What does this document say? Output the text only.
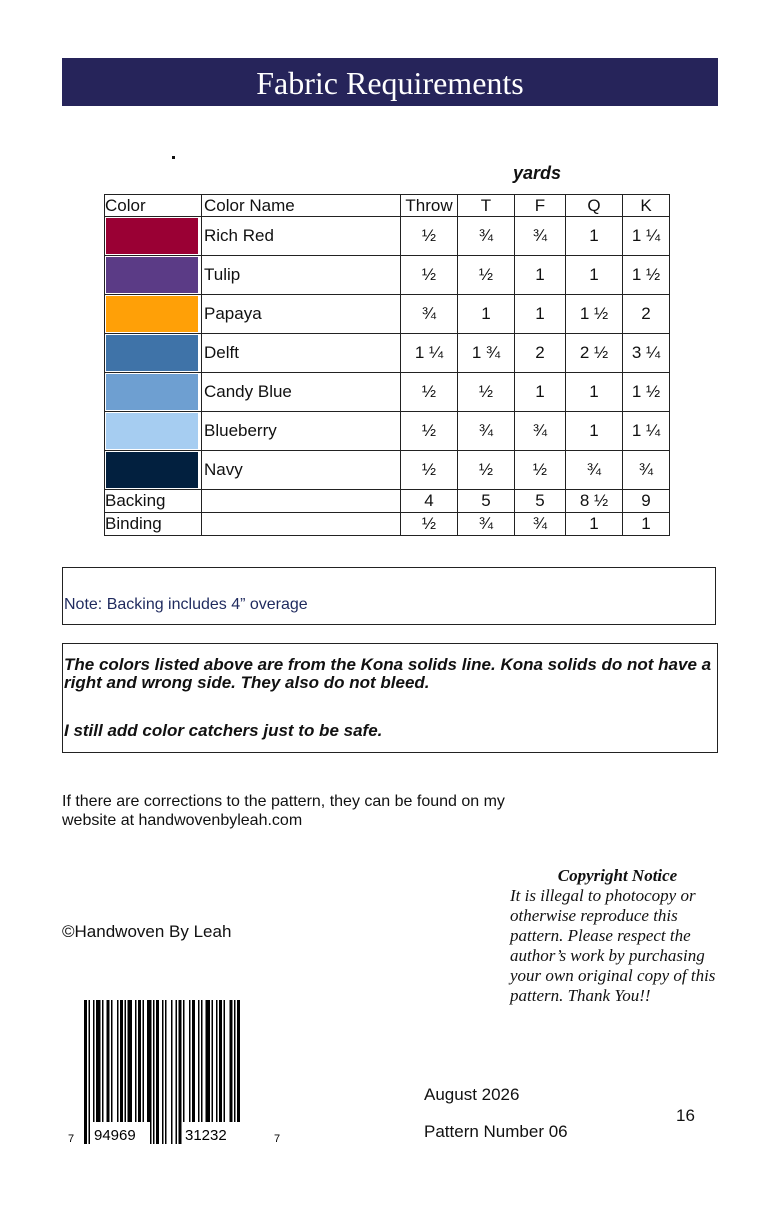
Fabric Requirements
yards
Color	Color Name	Throw	T	F	Q	K

	Rich Red	½	¾	¾	1	1 ¼

	Tulip	½	½	1	1	1 ½

	Papaya	¾	1	1	1 ½	2

	Delft	1 ¼	1 ¾	2	2 ½	3 ¼

	Candy Blue	½	½	1	1	1 ½

	Blueberry	½	¾	¾	1	1 ¼

	Navy	½	½	½	¾	¾
Backing		4	5	5	8 ½	9
Binding		½	¾	¾	1	1
Note: Backing includes 4” overage
The colors listed above are from the Kona solids line. Kona solids do not have a right and wrong side. They also do not bleed.
I still add color catchers just to be safe.
If there are corrections to the pattern, they can be found on my website at handwovenbyleah.com
©Handwoven By Leah
Copyright Notice
It is illegal to photocopy or otherwise reproduce this pattern. Please respect the author’s work by purchasing your own original copy of this pattern. Thank You!!
7 94969	31232	7
August 2026
Pattern Number 06
16
